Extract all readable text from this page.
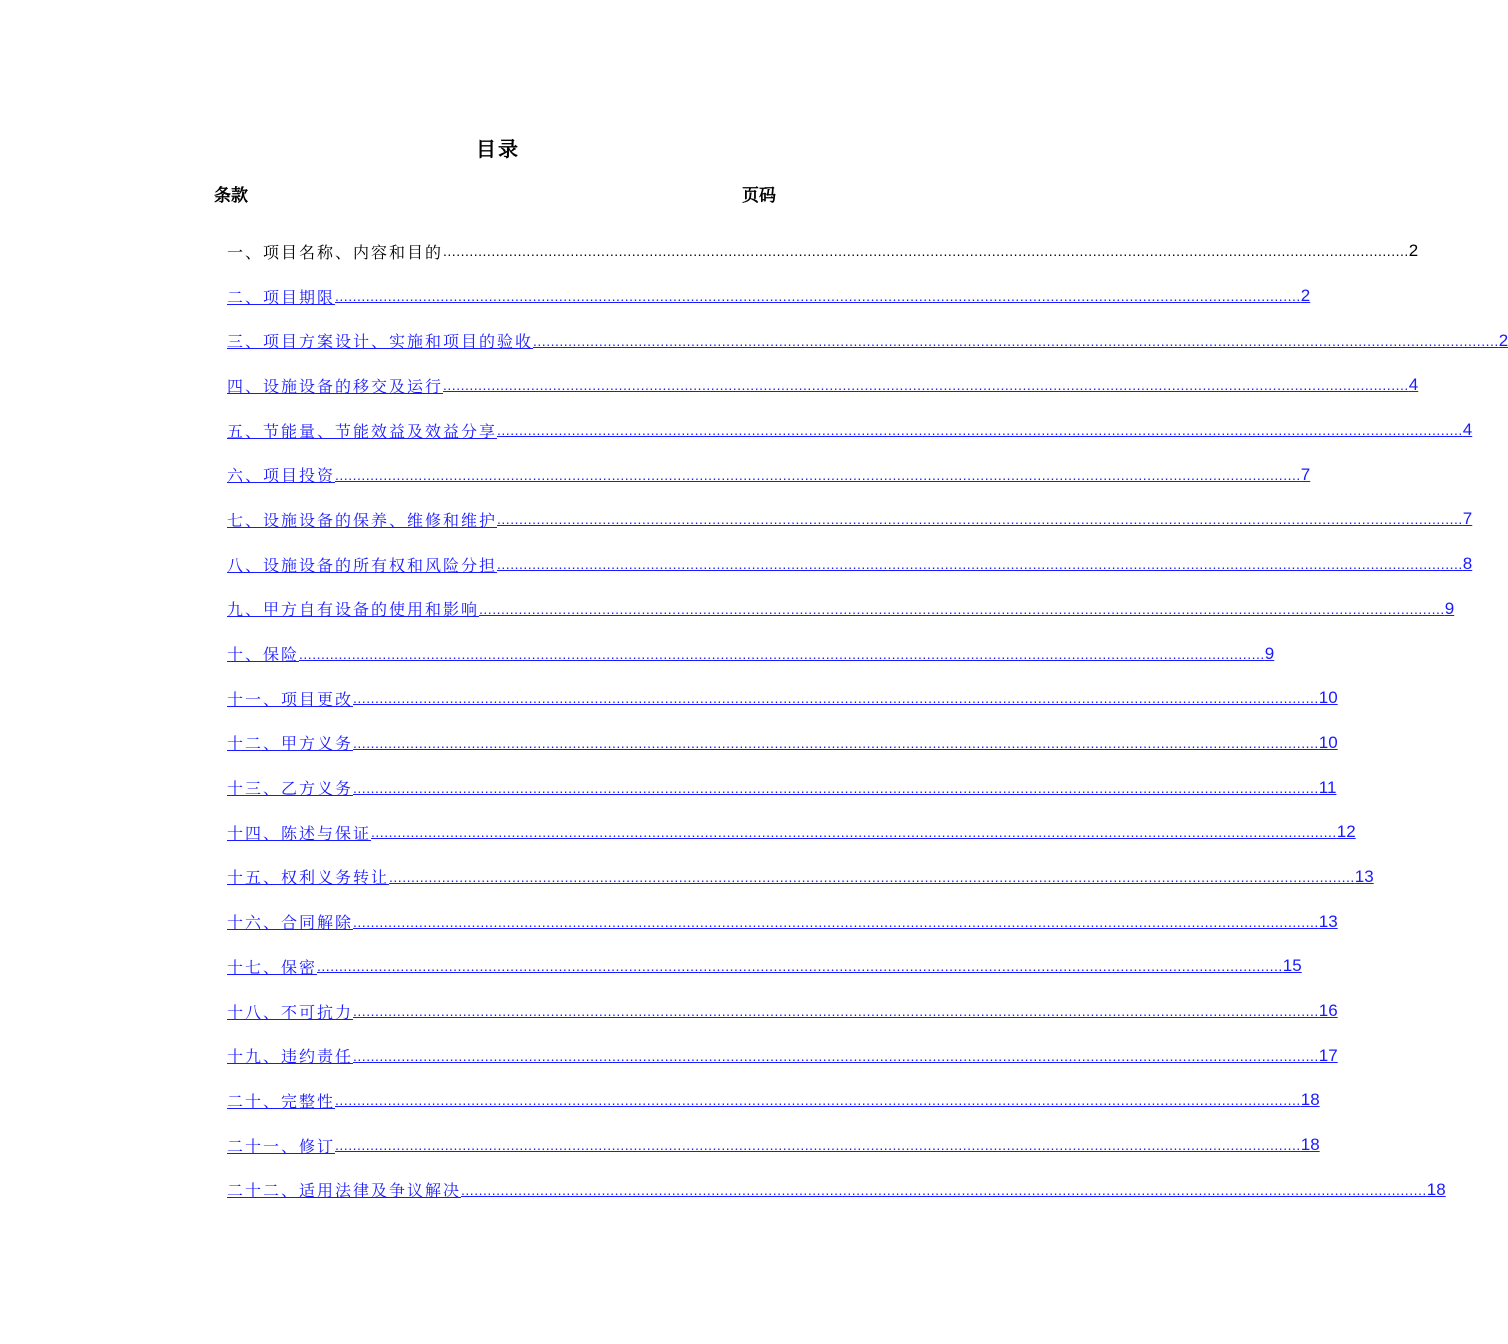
目录
条款	页码
一、 项目名称、内容和目的 ............................................................................................................................................................................................................................ 2
二、 项目期限 ............................................................................................................................................................................................................................ 2
三、 项目方案设计、实施和项目的验收 ............................................................................................................................................................................................................................ 2
四、 设施设备的移交及运行 ............................................................................................................................................................................................................................ 4
五、 节能量、节能效益及效益分享 ............................................................................................................................................................................................................................ 4
六、 项目投资 ............................................................................................................................................................................................................................ 7
七、 设施设备的保养、维修和维护 ............................................................................................................................................................................................................................ 7
八、 设施设备的所有权和风险分担 ............................................................................................................................................................................................................................ 8
九、 甲方自有设备的使用和影响 ............................................................................................................................................................................................................................ 9
十、 保险 ............................................................................................................................................................................................................................ 9
十一、 项目更改 ............................................................................................................................................................................................................................ 10
十二、 甲方义务 ............................................................................................................................................................................................................................ 10
十三、 乙方义务 ............................................................................................................................................................................................................................ 11
十四、 陈述与保证 ............................................................................................................................................................................................................................ 12
十五、 权利义务转让 ............................................................................................................................................................................................................................ 13
十六、 合同解除 ............................................................................................................................................................................................................................ 13
十七、 保密 ............................................................................................................................................................................................................................ 15
十八、 不可抗力 ............................................................................................................................................................................................................................ 16
十九、 违约责任 ............................................................................................................................................................................................................................ 17
二十、 完整性 ............................................................................................................................................................................................................................ 18
二十一、 修订 ............................................................................................................................................................................................................................ 18
二十二、 适用法律及争议解决 ............................................................................................................................................................................................................................ 18
